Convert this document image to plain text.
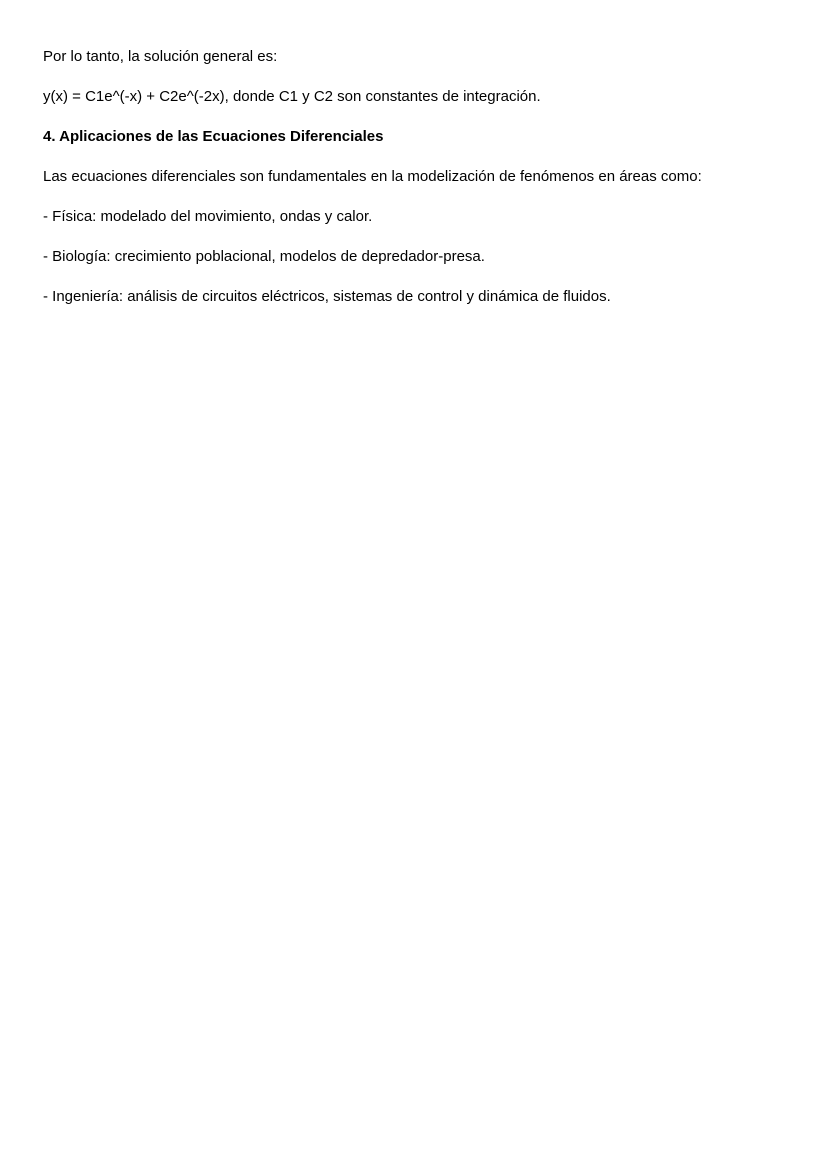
Por lo tanto, la solución general es:

y(x) = C1e^(-x) + C2e^(-2x), donde C1 y C2 son constantes de integración.

4. Aplicaciones de las Ecuaciones Diferenciales

Las ecuaciones diferenciales son fundamentales en la modelización de fenómenos en áreas como:

- Física: modelado del movimiento, ondas y calor.

- Biología: crecimiento poblacional, modelos de depredador-presa.

- Ingeniería: análisis de circuitos eléctricos, sistemas de control y dinámica de fluidos.
